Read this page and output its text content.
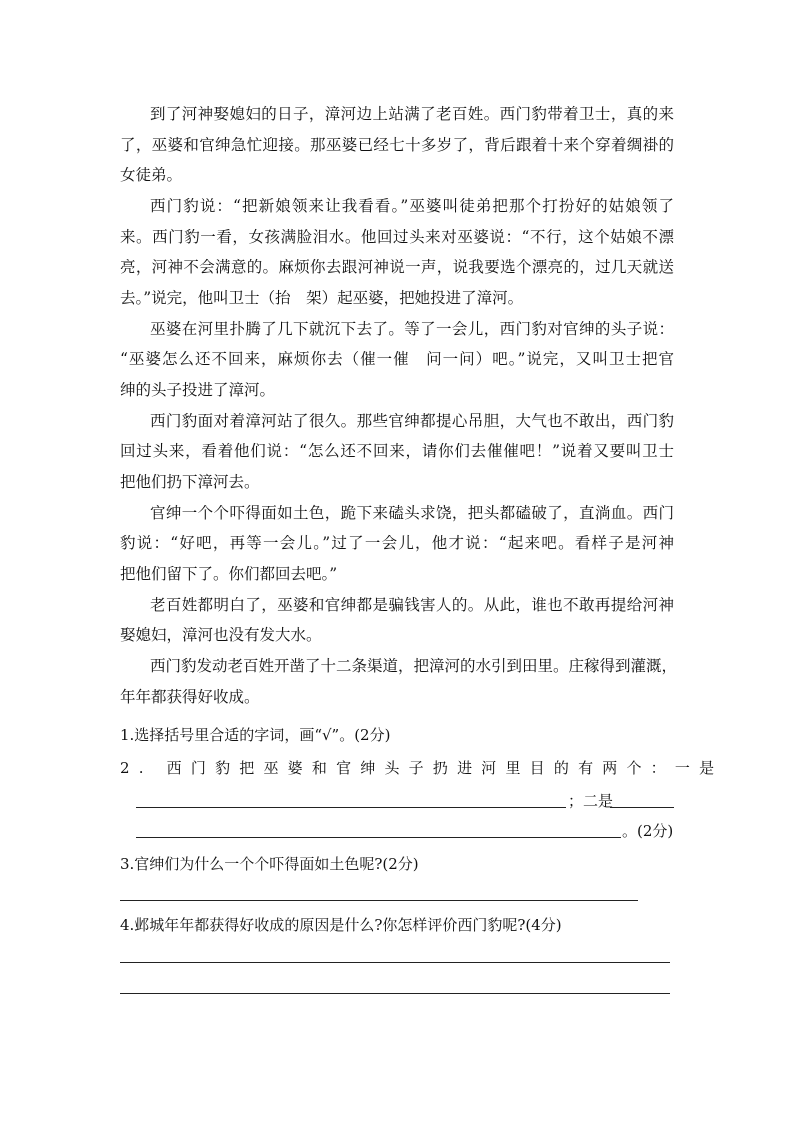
到了河神娶媳妇的日子，漳河边上站满了老百姓。西门豹带着卫士，真的来
了，巫婆和官绅急忙迎接。那巫婆已经七十多岁了，背后跟着十来个穿着绸褂的
女徒弟。
西门豹说：“把新娘领来让我看看。”巫婆叫徒弟把那个打扮好的姑娘领了
来。西门豹一看，女孩满脸泪水。他回过头来对巫婆说：“不行，这个姑娘不漂
亮，河神不会满意的。麻烦你去跟河神说一声，说我要选个漂亮的，过几天就送
去。”说完，他叫卫士（抬　架）起巫婆，把她投进了漳河。
巫婆在河里扑腾了几下就沉下去了。等了一会儿，西门豹对官绅的头子说：
“巫婆怎么还不回来，麻烦你去（催一催　问一问）吧。”说完，又叫卫士把官
绅的头子投进了漳河。
西门豹面对着漳河站了很久。那些官绅都提心吊胆，大气也不敢出，西门豹
回过头来，看着他们说：“怎么还不回来，请你们去催催吧！”说着又要叫卫士
把他们扔下漳河去。
官绅一个个吓得面如土色，跪下来磕头求饶，把头都磕破了，直淌血。西门
豹说：“好吧，再等一会儿。”过了一会儿，他才说：“起来吧。看样子是河神
把他们留下了。你们都回去吧。”
老百姓都明白了，巫婆和官绅都是骗钱害人的。从此，谁也不敢再提给河神
娶媳妇，漳河也没有发大水。
西门豹发动老百姓开凿了十二条渠道，把漳河的水引到田里。庄稼得到灌溉，
年年都获得好收成。
1.选择括号里合适的字词，画“√”。(2分)
2. 西门豹把巫婆和官绅头子扔进河里目的有两个：一是
；二是
。(2分)
3.官绅们为什么一个个吓得面如土色呢?(2分)
4.邺城年年都获得好收成的原因是什么?你怎样评价西门豹呢?(4分)
